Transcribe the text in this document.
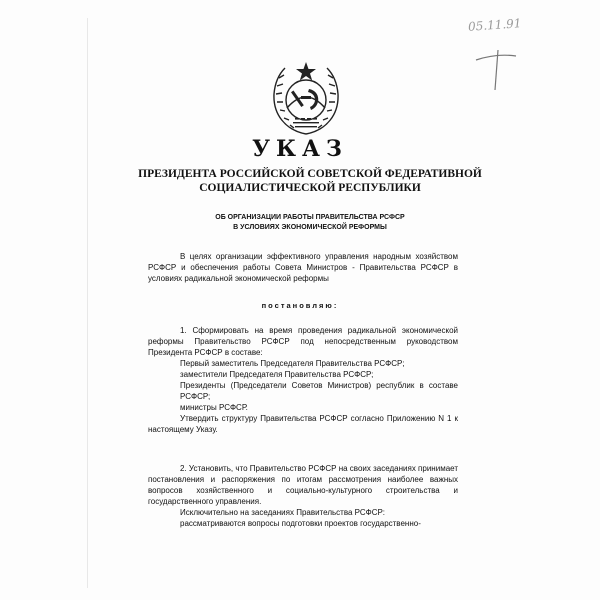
05.11.91
УКАЗ
ПРЕЗИДЕНТА РОССИЙСКОЙ СОВЕТСКОЙ ФЕДЕРАТИВНОЙ
СОЦИАЛИСТИЧЕСКОЙ РЕСПУБЛИКИ
ОБ ОРГАНИЗАЦИИ РАБОТЫ ПРАВИТЕЛЬСТВА РСФСР
В УСЛОВИЯХ ЭКОНОМИЧЕСКОЙ РЕФОРМЫ

В целях организации эффективного управления народным хозяйством РСФСР и обеспечения работы Совета Министров - Правительства РСФСР в условиях радикальной экономической реформы

постановляю:

1. Сформировать на время проведения радикальной экономической реформы Правительство РСФСР под непосредственным руководством Президента РСФСР в составе:

Первый заместитель Председателя Правительства РСФСР;

заместители Председателя Правительства РСФСР;

Президенты (Председатели Советов Министров) республик в составе РСФСР;

министры РСФСР.

Утвердить структуру Правительства РСФСР согласно Приложению N 1 к настоящему Указу.

2. Установить, что Правительство РСФСР на своих заседаниях принимает постановления и распоряжения по итогам рассмотрения наиболее важных вопросов хозяйственного и социально-культурного строительства и государственного управления.

Исключительно на заседаниях Правительства РСФСР:

рассматриваются вопросы подготовки проектов государственно-
